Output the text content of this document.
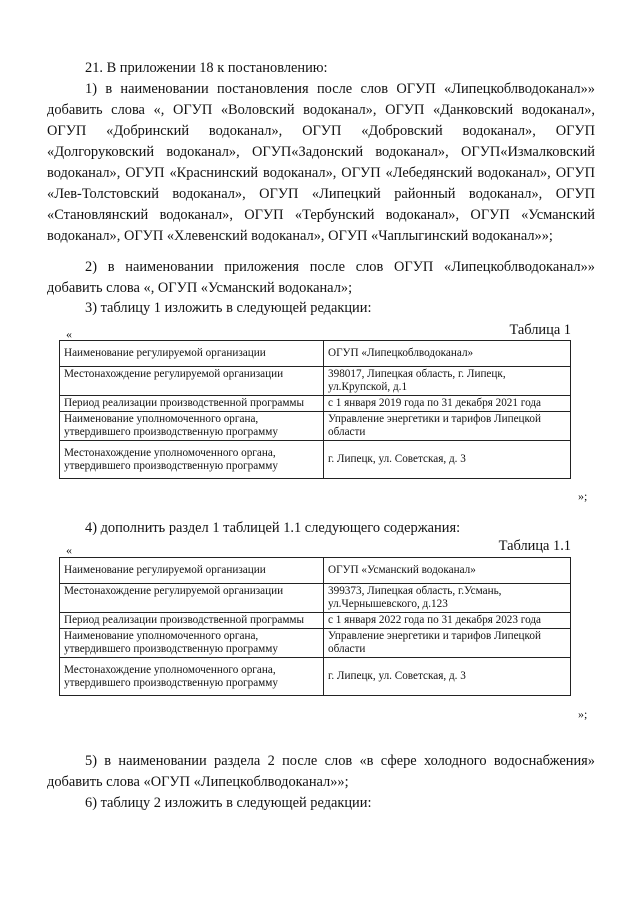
21. В приложении 18 к постановлению:

1) в наименовании постановления после слов ОГУП «Липецкоблводоканал»» добавить слова «, ОГУП «Воловский водоканал», ОГУП «Данковский водоканал», ОГУП «Добринский водоканал», ОГУП «Добровский водоканал», ОГУП «Долгоруковский водоканал», ОГУП«Задонский водоканал», ОГУП«Измалковский водоканал», ОГУП «Краснинский водоканал», ОГУП «Лебедянский водоканал», ОГУП «Лев-Толстовский водоканал», ОГУП «Липецкий районный водоканал», ОГУП «Становлянский водоканал», ОГУП «Тербунский водоканал», ОГУП «Усманский водоканал», ОГУП «Хлевенский водоканал», ОГУП «Чаплыгинский водоканал»»;

2) в наименовании приложения после слов ОГУП «Липецкоблводоканал»» добавить слова «, ОГУП «Усманский водоканал»;

3) таблицу 1 изложить в следующей редакции:

«	Таблица 1
Наименование регулируемой организации	ОГУП «Липецкоблводоканал»
Местонахождение регулируемой организации	398017, Липецкая область, г. Липецк, ул.Крупской, д.1
Период реализации производственной программы	с 1 января 2019 года по 31 декабря 2021 года
Наименование уполномоченного органа, утвердившего производственную программу	Управление энергетики и тарифов Липецкой области
Местонахождение уполномоченного органа, утвердившего производственную программу	г. Липецк, ул. Советская, д. 3
»;

4) дополнить раздел 1 таблицей 1.1 следующего содержания:

«	Таблица 1.1
Наименование регулируемой организации	ОГУП «Усманский водоканал»
Местонахождение регулируемой организации	399373, Липецкая область, г.Усмань, ул.Чернышевского, д.123
Период реализации производственной программы	с 1 января 2022 года по 31 декабря 2023 года
Наименование уполномоченного органа, утвердившего производственную программу	Управление энергетики и тарифов Липецкой области
Местонахождение уполномоченного органа, утвердившего производственную программу	г. Липецк, ул. Советская, д. 3
»;

5) в наименовании раздела 2 после слов «в сфере холодного водоснабжения» добавить слова «ОГУП «Липецкоблводоканал»»;

6) таблицу 2 изложить в следующей редакции:
